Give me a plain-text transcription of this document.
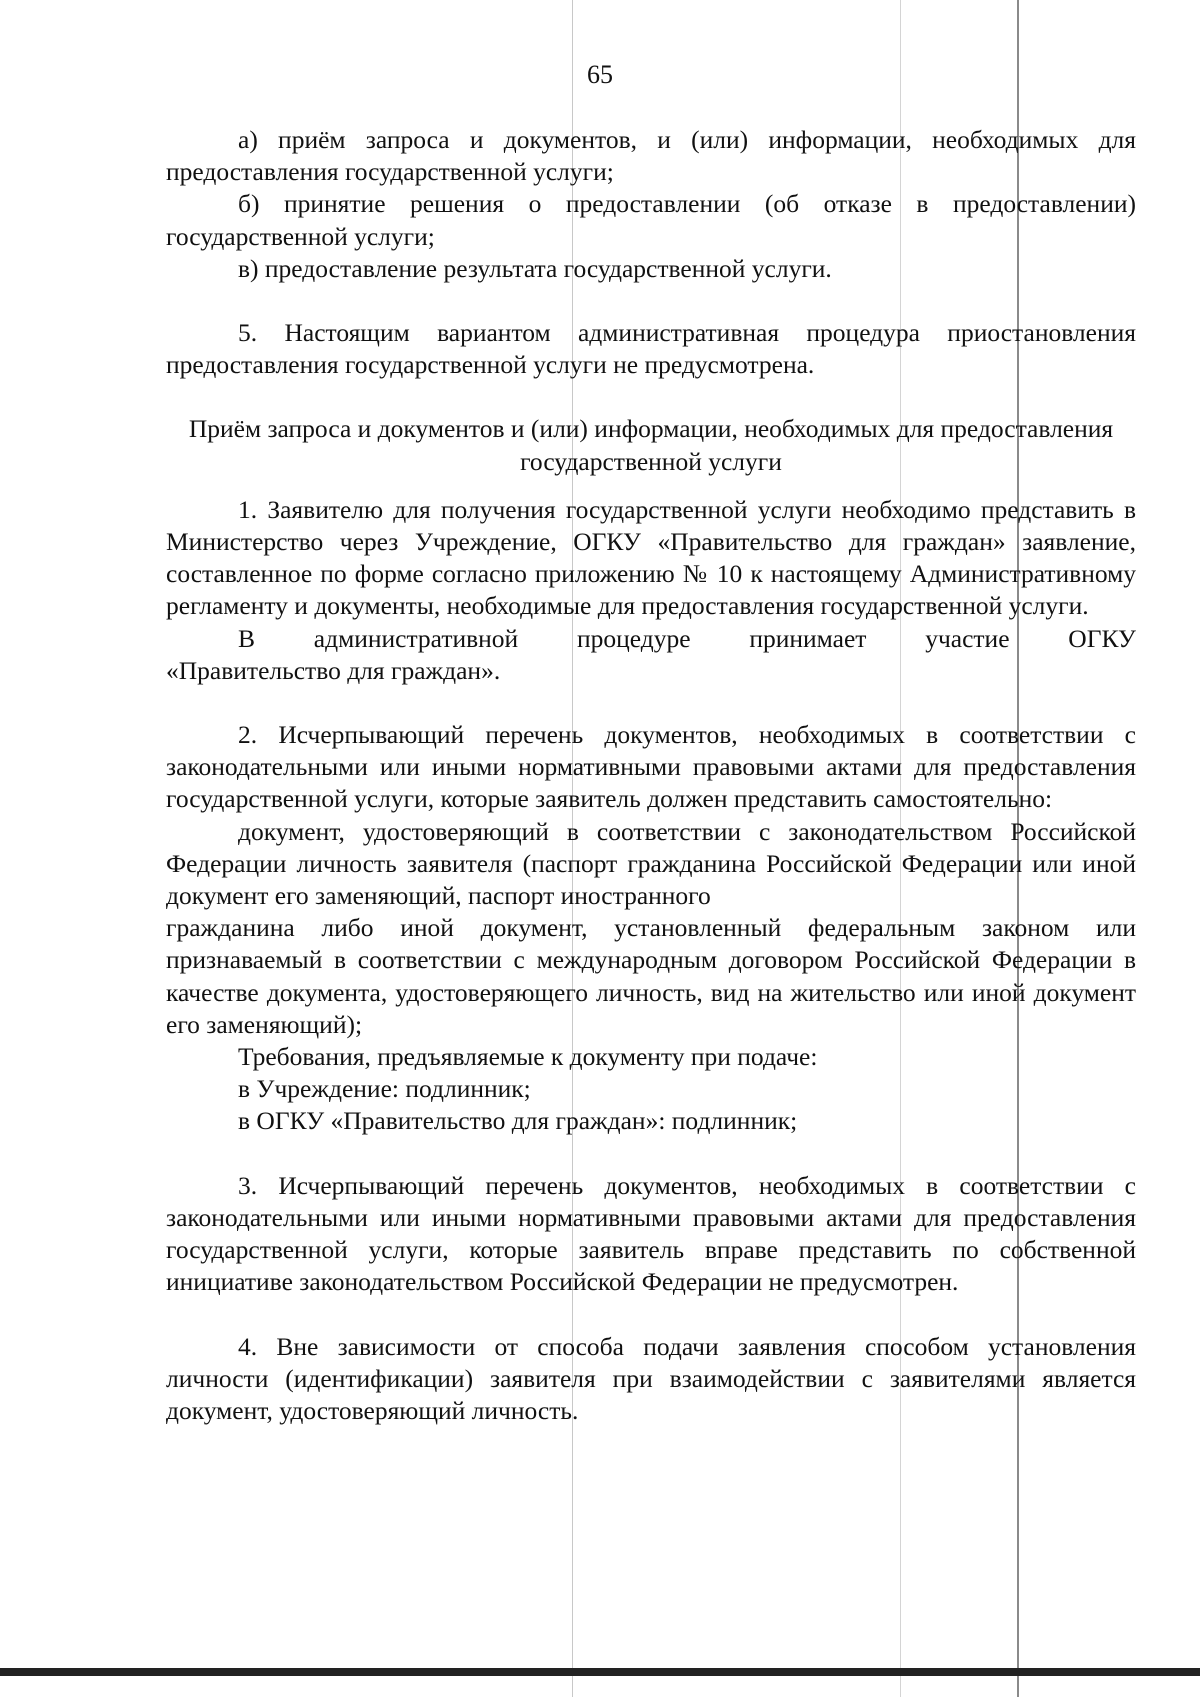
65

а) приём запроса и документов, и (или) информации, необходимых для предоставления государственной услуги;

б) принятие решения о предоставлении (об отказе в предоставлении) государственной услуги;

в) предоставление результата государственной услуги.

5. Настоящим вариантом административная процедура приостановления предоставления государственной услуги не предусмотрена.

Приём запроса и документов и (или) информации, необходимых для предоставления государственной услуги

1. Заявителю для получения государственной услуги необходимо представить в Министерство через Учреждение, ОГКУ «Правительство для граждан» заявление, составленное по форме согласно приложению № 10 к настоящему Административному регламенту и документы, необходимые для предоставления государственной услуги.

В административной процедуре принимает участие ОГКУ

«Правительство для граждан».

2. Исчерпывающий перечень документов, необходимых в соответствии с законодательными или иными нормативными правовыми актами для предоставления государственной услуги, которые заявитель должен представить самостоятельно:

документ, удостоверяющий в соответствии с законодательством Российской Федерации личность заявителя (паспорт гражданина Российской Федерации или иной документ его заменяющий, паспорт иностранного

гражданина либо иной документ, установленный федеральным законом или признаваемый в соответствии с международным договором Российской Федерации в качестве документа, удостоверяющего личность, вид на жительство или иной документ его заменяющий);

Требования, предъявляемые к документу при подаче:

в Учреждение: подлинник;

в ОГКУ «Правительство для граждан»: подлинник;

3. Исчерпывающий перечень документов, необходимых в соответствии с законодательными или иными нормативными правовыми актами для предоставления государственной услуги, которые заявитель вправе представить по собственной инициативе законодательством Российской Федерации не предусмотрен.

4. Вне зависимости от способа подачи заявления способом установления личности (идентификации) заявителя при взаимодействии с заявителями является документ, удостоверяющий личность.
